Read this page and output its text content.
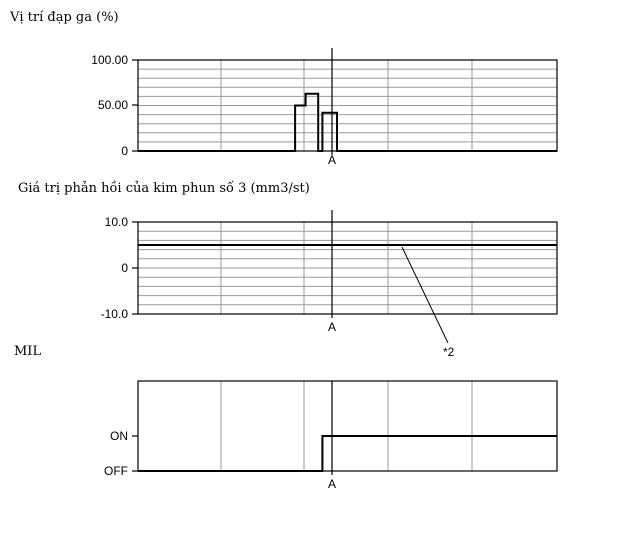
Vị trí đạp ga (%)
Giá trị phản hồi của kim phun số 3 (mm3/st)
MIL
100.00
50.00
0
A
10.0
0
-10.0
A
*2
ON
OFF
A
